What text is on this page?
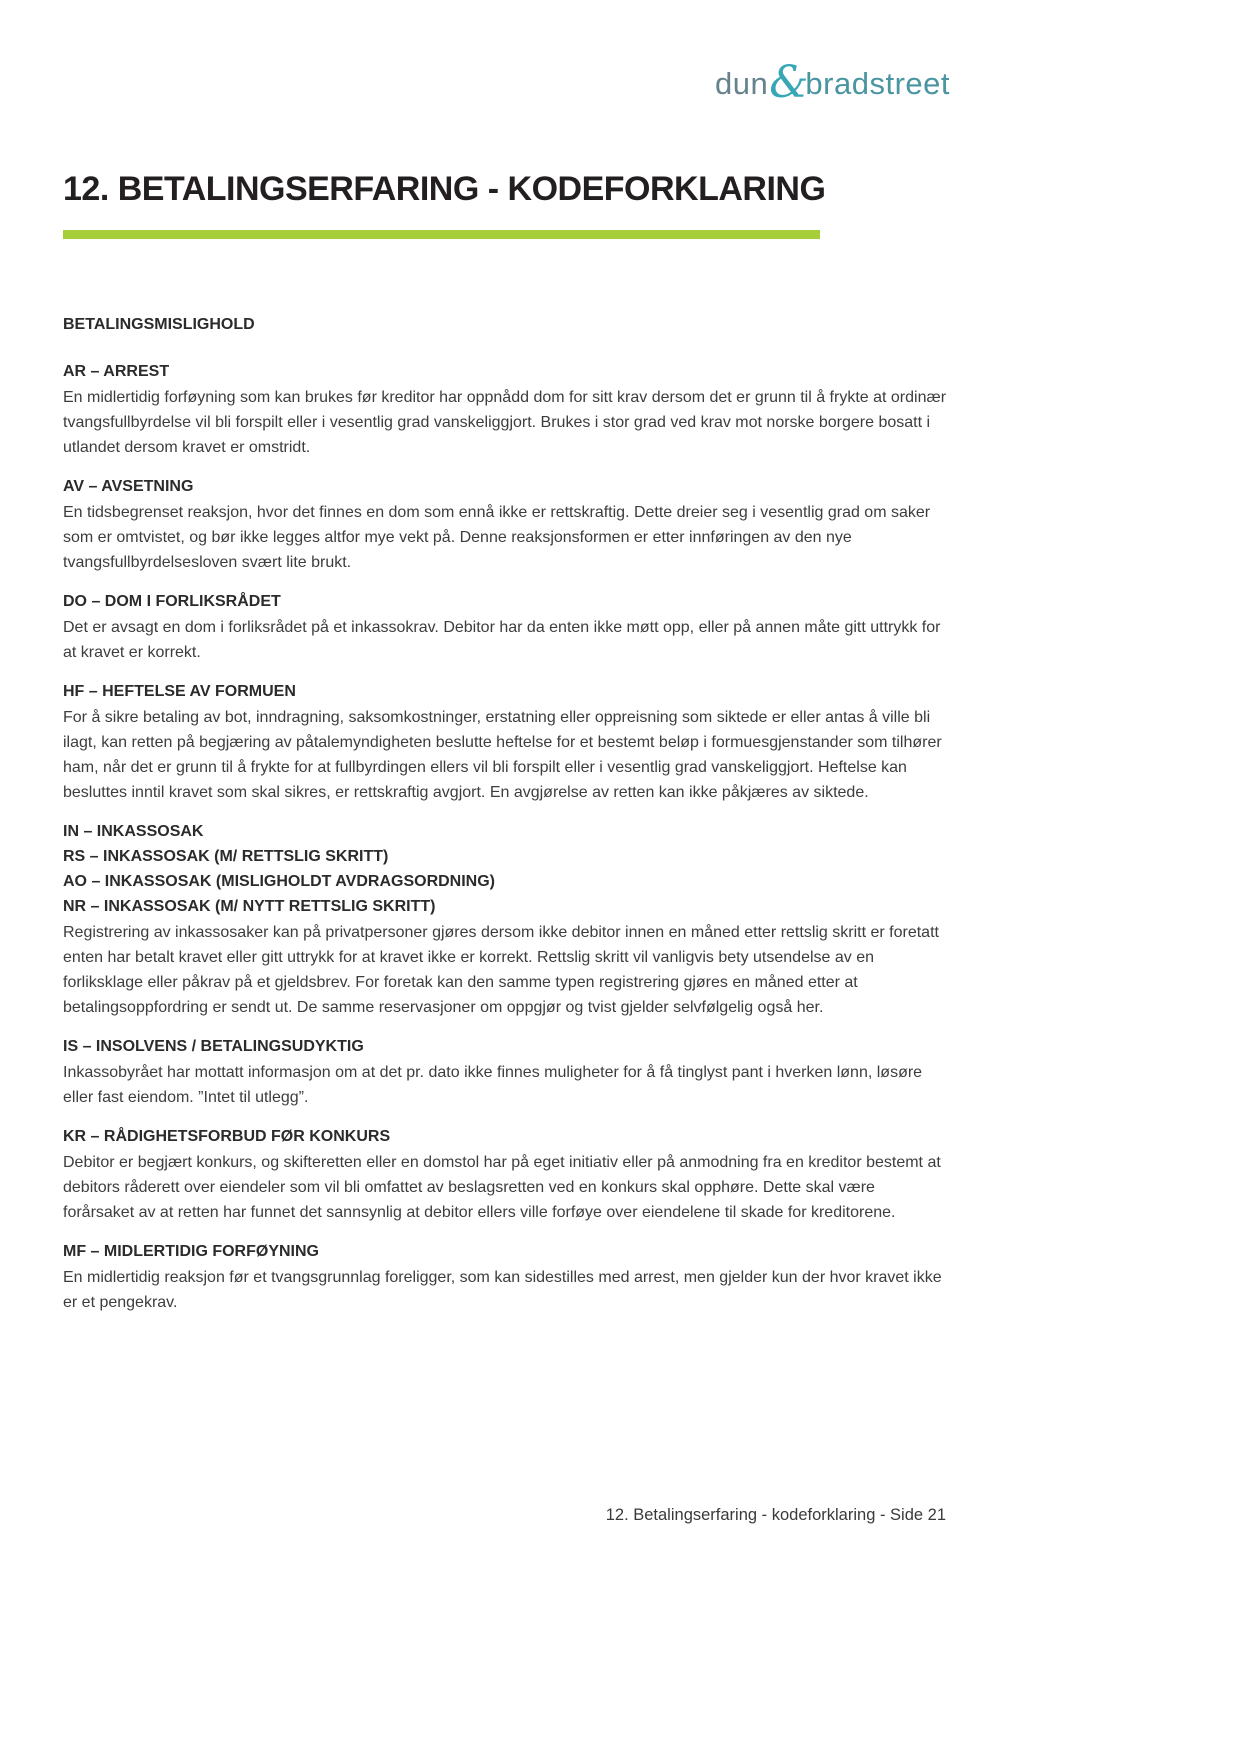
dun &
bradstreet
12. BETALINGSERFARING - KODEFORKLARING
BETALINGSMISLIGHOLD
AR – ARREST

En midlertidig forføyning som kan brukes før kreditor har oppnådd dom for sitt krav dersom det er grunn til å frykte at ordinær tvangsfullbyrdelse vil bli forspilt eller i vesentlig grad vanskeliggjort. Brukes i stor grad ved krav mot norske borgere bosatt i utlandet dersom kravet er omstridt.

AV – AVSETNING

En tidsbegrenset reaksjon, hvor det finnes en dom som ennå ikke er rettskraftig. Dette dreier seg i vesentlig grad om saker som er omtvistet, og bør ikke legges altfor mye vekt på. Denne reaksjonsformen er etter innføringen av den nye tvangsfullbyrdelsesloven svært lite brukt.

DO – DOM I FORLIKSRÅDET

Det er avsagt en dom i forliksrådet på et inkassokrav. Debitor har da enten ikke møtt opp, eller på annen måte gitt uttrykk for at kravet er korrekt.

HF – HEFTELSE AV FORMUEN

For å sikre betaling av bot, inndragning, saksomkostninger, erstatning eller oppreisning som siktede er eller antas å ville bli ilagt, kan retten på begjæring av påtalemyndigheten beslutte heftelse for et bestemt beløp i formuesgjenstander som tilhører ham, når det er grunn til å frykte for at fullbyrdingen ellers vil bli forspilt eller i vesentlig grad vanskeliggjort. Heftelse kan besluttes inntil kravet som skal sikres, er rettskraftig avgjort. En avgjørelse av retten kan ikke påkjæres av siktede.

IN – INKASSOSAK
RS – INKASSOSAK (M/ RETTSLIG SKRITT)
AO – INKASSOSAK (MISLIGHOLDT AVDRAGSORDNING)
NR – INKASSOSAK (M/ NYTT RETTSLIG SKRITT)

Registrering av inkassosaker kan på privatpersoner gjøres dersom ikke debitor innen en måned etter rettslig skritt er foretatt enten har betalt kravet eller gitt uttrykk for at kravet ikke er korrekt. Rettslig skritt vil vanligvis bety utsendelse av en forliksklage eller påkrav på et gjeldsbrev. For foretak kan den samme typen registrering gjøres en måned etter at betalingsoppfordring er sendt ut. De samme reservasjoner om oppgjør og tvist gjelder selvfølgelig også her.

IS – INSOLVENS / BETALINGSUDYKTIG

Inkassobyrået har mottatt informasjon om at det pr. dato ikke finnes muligheter for å få tinglyst pant i hverken lønn, løsøre eller fast eiendom. ”Intet til utlegg”.

KR – RÅDIGHETSFORBUD FØR KONKURS

Debitor er begjært konkurs, og skifteretten eller en domstol har på eget initiativ eller på anmodning fra en kreditor bestemt at debitors råderett over eiendeler som vil bli omfattet av beslagsretten ved en konkurs skal opphøre. Dette skal være forårsaket av at retten har funnet det sannsynlig at debitor ellers ville forføye over eiendelene til skade for kreditorene.

MF – MIDLERTIDIG FORFØYNING

En midlertidig reaksjon før et tvangsgrunnlag foreligger, som kan sidestilles med arrest, men gjelder kun der hvor kravet ikke er et pengekrav.

12. Betalingserfaring - kodeforklaring - Side 21
